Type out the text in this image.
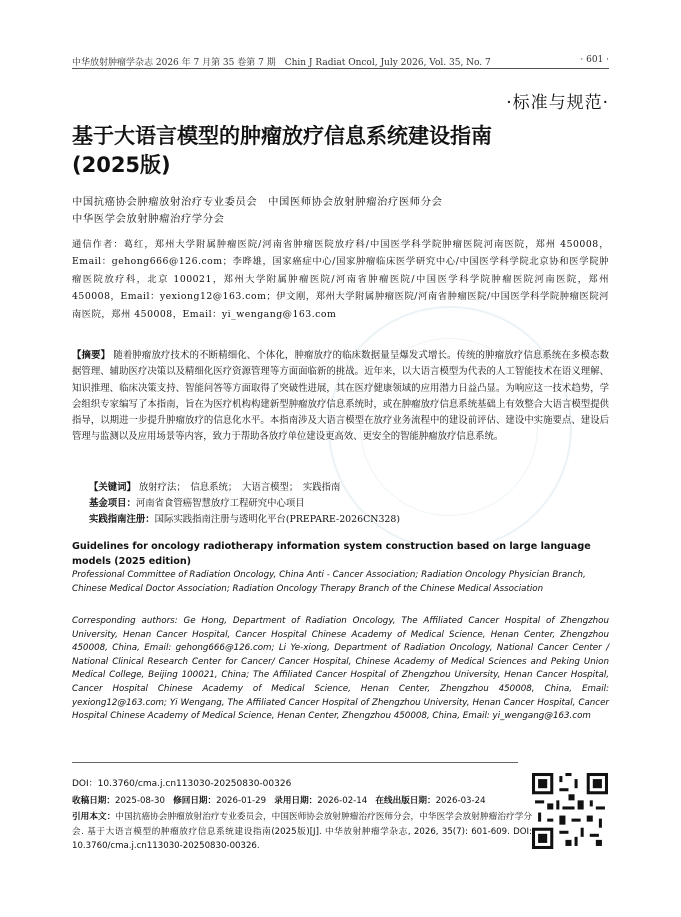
中华放射肿瘤学杂志 2026 年 7 月第 35 卷第 7 期　Chin J Radiat Oncol, July 2026, Vol. 35, No. 7	· 601 ·
·标准与规范·
基于大语言模型的肿瘤放疗信息系统建设指南(2025版)
中国抗癌协会肿瘤放射治疗专业委员会　中国医师协会放射肿瘤治疗医师分会
中华医学会放射肿瘤治疗学分会
通信作者：葛红，郑州大学附属肿瘤医院/河南省肿瘤医院放疗科/中国医学科学院肿瘤医院河南医院，郑州 450008，Email：gehong666@126.com；李晔雄，国家癌症中心/国家肿瘤临床医学研究中心/中国医学科学院北京协和医学院肿瘤医院放疗科，北京 100021，郑州大学附属肿瘤医院/河南省肿瘤医院/中国医学科学院肿瘤医院河南医院，郑州 450008，Email：yexiong12@163.com；伊文刚，郑州大学附属肿瘤医院/河南省肿瘤医院/中国医学科学院肿瘤医院河南医院，郑州 450008，Email：yi_wengang@163.com
【摘要】 随着肿瘤放疗技术的不断精细化、个体化，肿瘤放疗的临床数据量呈爆发式增长。传统的肿瘤放疗信息系统在多模态数据管理、辅助医疗决策以及精细化医疗资源管理等方面面临新的挑战。近年来，以大语言模型为代表的人工智能技术在语义理解、知识推理、临床决策支持、智能问答等方面取得了突破性进展，其在医疗健康领域的应用潜力日益凸显。为响应这一技术趋势，学会组织专家编写了本指南，旨在为医疗机构构建新型肿瘤放疗信息系统时，或在肿瘤放疗信息系统基础上有效整合大语言模型提供指导，以期进一步提升肿瘤放疗的信息化水平。本指南涉及大语言模型在放疗业务流程中的建设前评估、建设中实施要点、建设后管理与监测以及应用场景等内容，致力于帮助各放疗单位建设更高效、更安全的智能肿瘤放疗信息系统。
【关键词】 放射疗法；　信息系统；　大语言模型；　实践指南
基金项目：河南省食管癌智慧放疗工程研究中心项目
实践指南注册：国际实践指南注册与透明化平台(PREPARE-2026CN328)
Guidelines for oncology radiotherapy information system construction based on large language models (2025 edition)
Professional Committee of Radiation Oncology, China Anti - Cancer Association; Radiation Oncology Physician Branch, Chinese Medical Doctor Association; Radiation Oncology Therapy Branch of the Chinese Medical Association
Corresponding authors: Ge Hong, Department of Radiation Oncology, The Affiliated Cancer Hospital of Zhengzhou University, Henan Cancer Hospital, Cancer Hospital Chinese Academy of Medical Science, Henan Center, Zhengzhou 450008, China, Email: gehong666@126.com; Li Ye-xiong, Department of Radiation Oncology, National Cancer Center / National Clinical Research Center for Cancer/ Cancer Hospital, Chinese Academy of Medical Sciences and Peking Union Medical College, Beijing 100021, China; The Affiliated Cancer Hospital of Zhengzhou University, Henan Cancer Hospital, Cancer Hospital Chinese Academy of Medical Science, Henan Center, Zhengzhou 450008, China, Email: yexiong12@163.com; Yi Wengang, The Affiliated Cancer Hospital of Zhengzhou University, Henan Cancer Hospital, Cancer Hospital Chinese Academy of Medical Science, Henan Center, Zhengzhou 450008, China, Email: yi_wengang@163.com
DOI：10.3760/cma.j.cn113030-20250830-00326
收稿日期：2025-08-30 修回日期：2026-01-29 录用日期：2026-02-14 在线出版日期：2026-03-24
引用本文：中国抗癌协会肿瘤放射治疗专业委员会，中国医师协会放射肿瘤治疗医师分会，中华医学会放射肿瘤治疗学分会. 基于大语言模型的肿瘤放疗信息系统建设指南(2025版)[J]. 中华放射肿瘤学杂志, 2026, 35(7): 601-609. DOI: 10.3760/cma.j.cn113030-20250830-00326.
